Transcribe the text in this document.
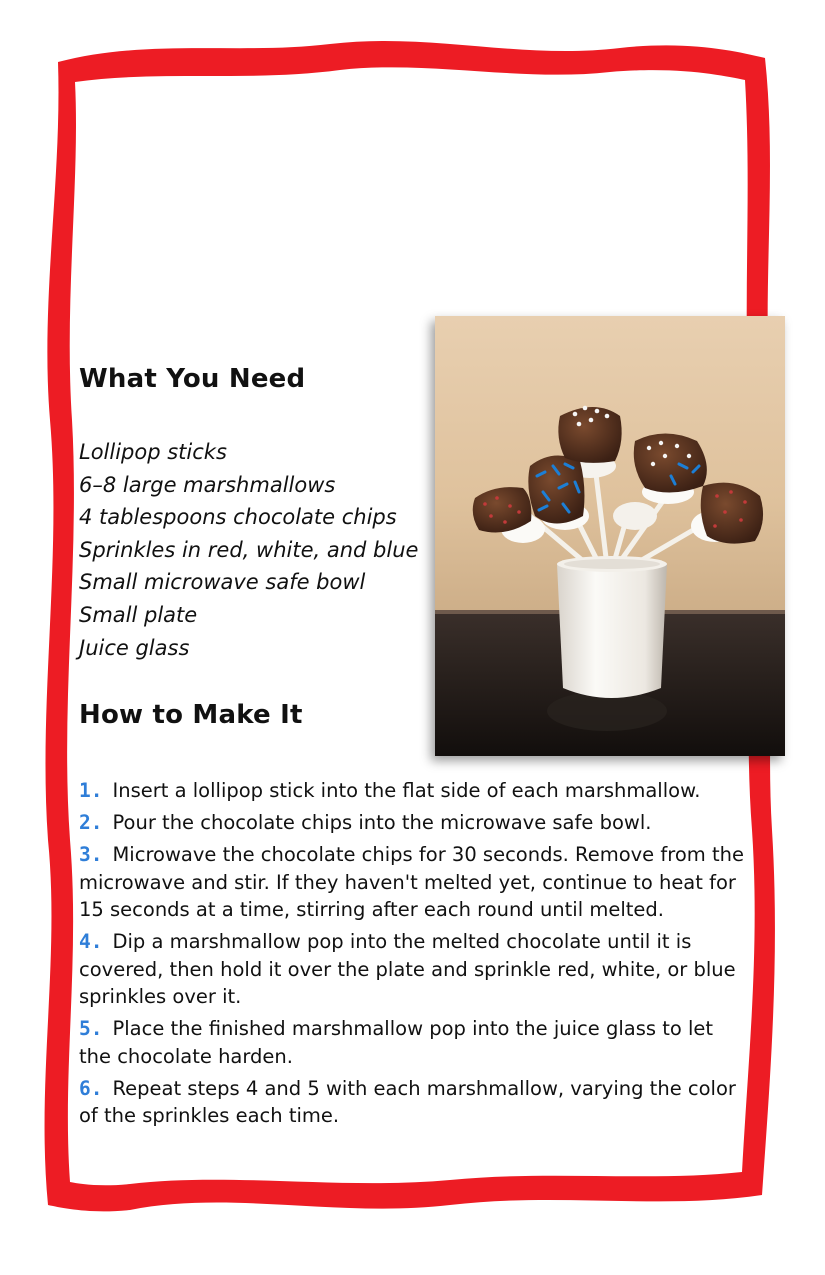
What You Need
Lollipop sticks
6–8 large marshmallows
4 tablespoons chocolate chips
Sprinkles in red, white, and blue
Small microwave safe bowl
Small plate
Juice glass
How to Make It
1. Insert a lollipop stick into the flat side of each marshmallow.
2. Pour the chocolate chips into the microwave safe bowl.
3. Microwave the chocolate chips for 30 seconds. Remove from the microwave and stir. If they haven't melted yet, continue to heat for 15 seconds at a time, stirring after each round until melted.
4. Dip a marshmallow pop into the melted chocolate until it is covered, then hold it over the plate and sprinkle red, white, or blue sprinkles over it.
5. Place the finished marshmallow pop into the juice glass to let the chocolate harden.
6. Repeat steps 4 and 5 with each marshmallow, varying the color of the sprinkles each time.
